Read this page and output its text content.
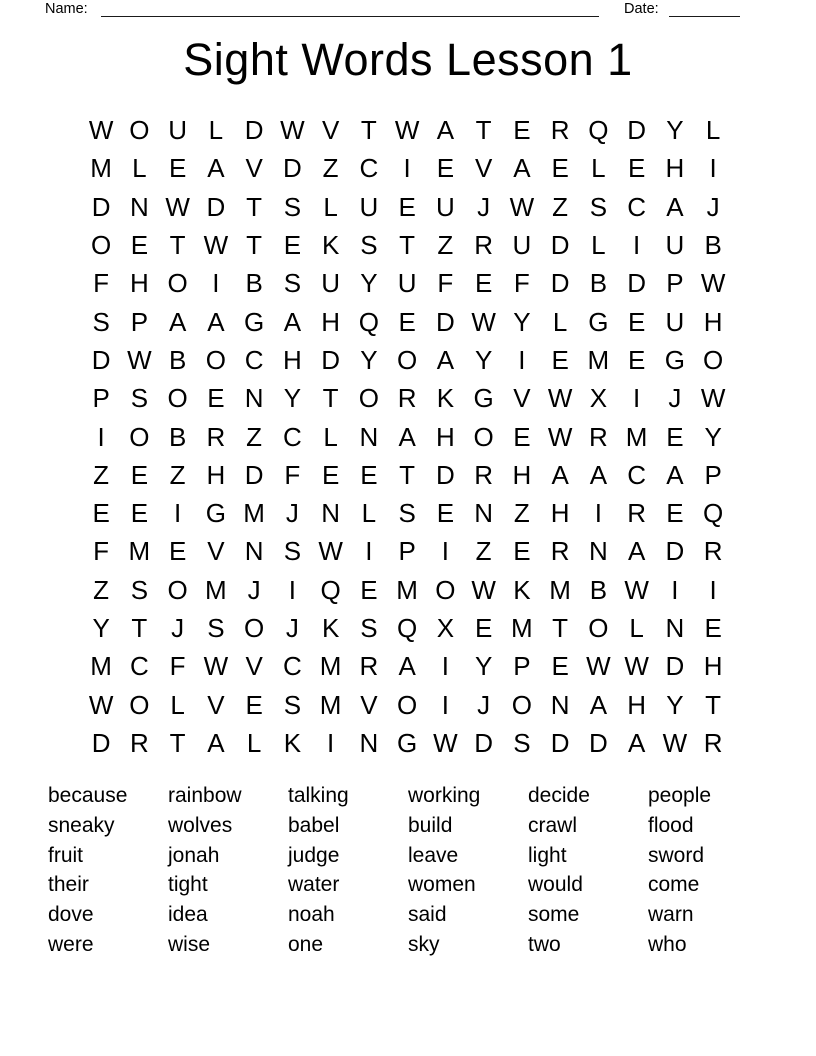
Name:	Date:
Sight Words Lesson 1
W O U L D W V T W A T E R Q D Y L
M L E A V D Z C I E V A E L E H I
D N W D T S L U E U J W Z S C A J
O E T W T E K S T Z R U D L	I U B
F H O I B S U Y U F E F D B D P W
S P A A G A H Q E D W Y L G E U H
D W B O C H D Y O A Y I E M E G O
P S O E N Y T O R K G V W X I	J W
I O B R Z C L N A H O E W R M E Y
Z E Z H D F E E T D R H A A C A P
E E I G M J N L S E N Z H I R E Q
F M E V N S W I P I	Z E R N A D R
Z S O M J	I Q E M O W K M B W I	I
Y T J S O J K S Q X E M T O L N E
M C F W V C M R A I Y P E W W D H
W O L V E S M V O I	J O N A H Y T
D R T A L K I N G W D S D D A W R
because
sneaky
fruit
their
dove
were
rainbow
wolves
jonah
tight
idea
wise
talking
babel
judge
water
noah
one
working
build
leave
women
said
sky
decide
crawl
light
would
some
two
people
flood
sword
come
warn
who
